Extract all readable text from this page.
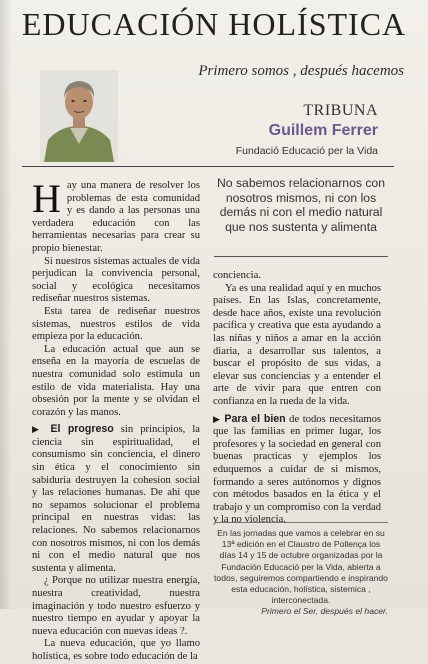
EDUCACIÓN HOLÍSTICA
Primero somos , después hacemos
TRIBUNA
Guillem Ferrer
Fundació Educació per la Vida

Hay una manera de resolver los problemas de esta comunidad y es dando a las personas una verdadera educación con las herramientas necesarias para crear su propio bienestar.

Si nuestros sistemas actuales de vida perjudican la convivencia personal, social y ecológica necesitamos rediseñar nuestros sistemas.

Esta tarea de rediseñar nuestros sistemas, nuestros estilos de vida empieza por la educación.

La educación actual que aun se enseña en la mayoría de escuelas de nuestra comunidad solo estimula un estilo de vida materialista. Hay una obsesión por la mente y se olvidan el corazón y las manos.

▶ El progreso sin principios, la ciencia sin espiritualidad, el consumismo sin conciencia, el dinero sin ética y el conocimiento sin sabiduría destruyen la cohesion social y las relaciones humanas. De ahí que no sepamos solucionar el problema principal en nuestras vidas: las relaciones. No sabemos relacionarnos con nosotros mismos, ni con los demás ni con el medio natural que nos sustenta y alimenta.

¿ Porque no utilizar nuestra energía, nuestra creatividad, nuestra imaginación y todo nuestro esfuerzo y nuestro tiempo en ayudar y apoyar la nueva educación con nuevas ideas ?.

La nueva educación, que yo llamo holística, es sobre todo educación de la

No sabemos relacionarnos con nosotros mismos, ni con los demás ni con el medio natural que nos sustenta y alimenta

conciencia.

Ya es una realidad aquí y en muchos países. En las Islas, concretamente, desde hace años, existe una revolución pacífica y creativa que esta ayudando a las niñas y niños a amar en la acción diaria, a desarrollar sus talentos, a buscar el propósito de sus vidas, a elevar sus conciencias y a entender el arte de vivir para que entren con confianza en la rueda de la vida.

▶ Para el bien de todos necesitamos que las familias en primer lugar, los profesores y la sociedad en general con buenas practicas y ejemplos los eduquemos a cuidar de si mismos, formando a seres autónomos y dignos con métodos basados en la ética y el trabajo y un compromiso con la verdad y la no violencia.

En las jornadas que vamos a celebrar en su 13ª edición en el Claustro de Pollença los días 14 y 15 de octubre organizadas por la Fundación Educació per la Vida, abierta a todos, seguiremos compartiendo e inspirando esta educación, holística, sistemica , interconectada.
Primero el Ser, después el hacer.
